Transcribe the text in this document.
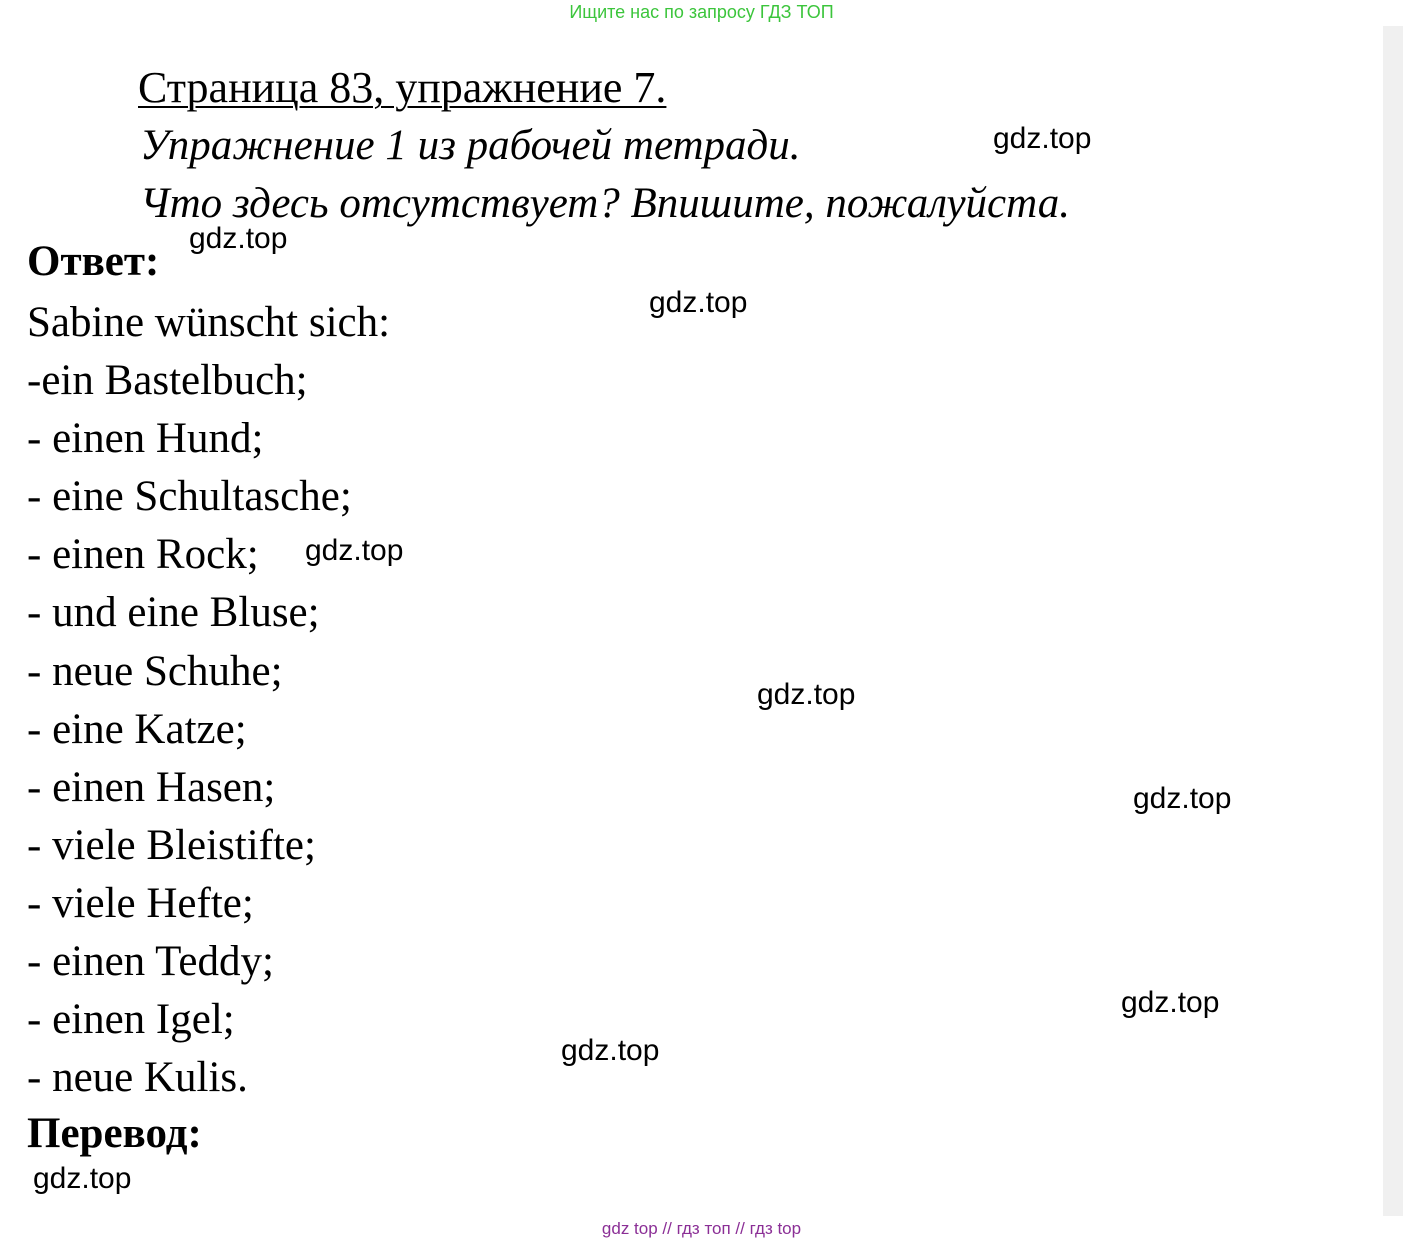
Ищите нас по запросу ГДЗ ТОП
Страница 83, упражнение 7.
Упражнение 1 из рабочей тетради.
Что здесь отсутствует? Впишите, пожалуйста.
Ответ:
Sabine wünscht sich:
-ein Bastelbuch;
- einen Hund;
- eine Schultasche;
- einen Rock;
- und eine Bluse;
- neue Schuhe;
- eine Katze;
- einen Hasen;
- viele Bleistifte;
- viele Hefte;
- einen Teddy;
- einen Igel;
- neue Kulis.
Перевод:
gdz.top
gdz.top
gdz.top
gdz.top
gdz.top
gdz.top
gdz.top
gdz.top
gdz.top
gdz top // гдз топ // гдз top
